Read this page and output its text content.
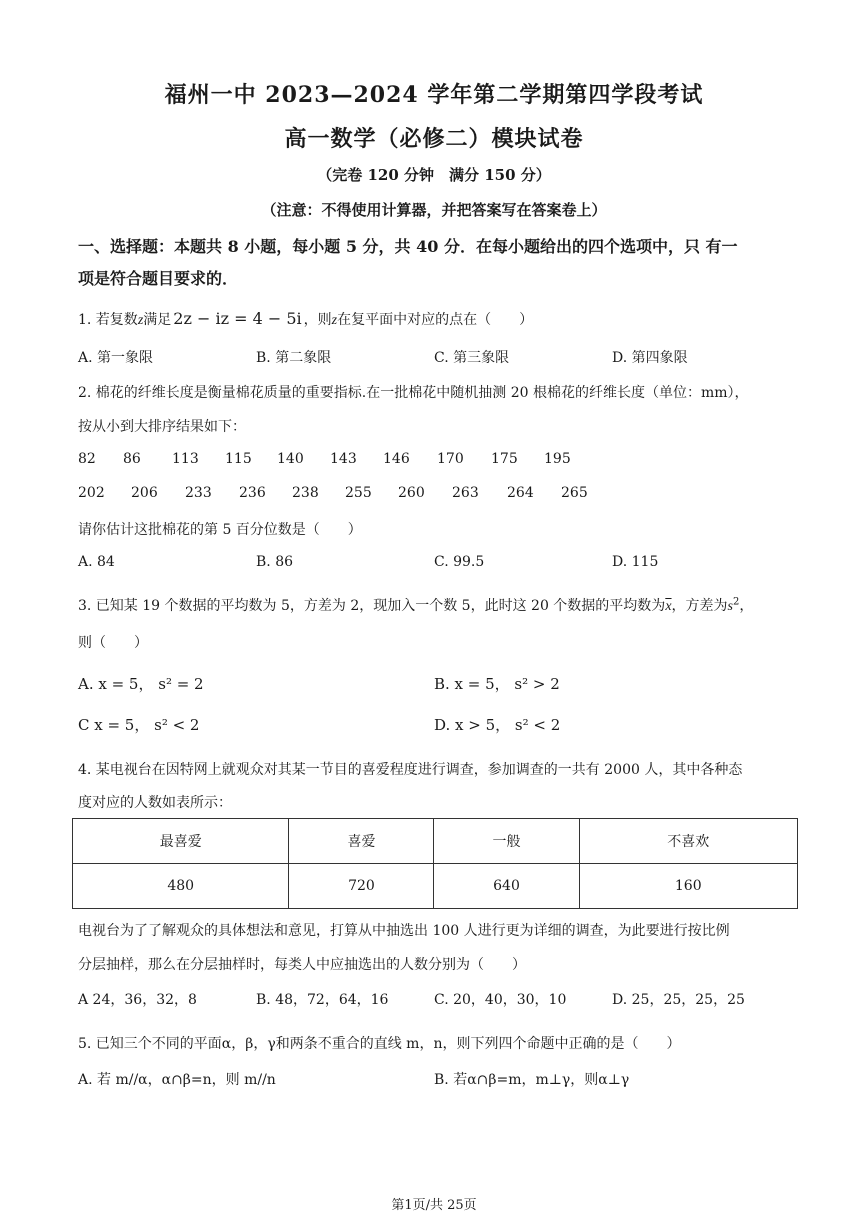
福州一中 2023—2024 学年第二学期第四学段考试
高一数学（必修二）模块试卷
（完卷 120 分钟　满分 150 分）
（注意：不得使用计算器，并把答案写在答案卷上）
一、选择题：本题共 8 小题，每小题 5 分，共 40 分．在每小题给出的四个选项中，只 有一
项是符合题目要求的．
1. 若复数z满足 2z − iz = 4 − 5i ，则z在复平面中对应的点在（　　）
A. 第一象限	B. 第二象限	C. 第三象限	D. 第四象限
2. 棉花的纤维长度是衡量棉花质量的重要指标.在一批棉花中随机抽测 20 根棉花的纤维长度（单位：mm），
按从小到大排序结果如下：
82 86 113 115 140 143 146 170 175 195
202 206 233 236 238 255 260 263 264 265
请你估计这批棉花的第 5 百分位数是（　　）
A. 84	B. 86	C. 99.5	D. 115
3. 已知某 19 个数据的平均数为 5，方差为 2，现加入一个数 5，此时这 20 个数据的平均数为$\overline{x}$，方差为$s^2$，
则（　　）
A. x = 5， s² = 2	B. x = 5， s² > 2
C x = 5， s² < 2	D. x > 5， s² < 2
4. 某电视台在因特网上就观众对其某一节目的喜爱程度进行调查，参加调查的一共有 2000 人，其中各种态
度对应的人数如表所示：
最喜爱	喜爱	一般	不喜欢
480	720	640	160
电视台为了了解观众的具体想法和意见，打算从中抽选出 100 人进行更为详细的调查，为此要进行按比例
分层抽样，那么在分层抽样时，每类人中应抽选出的人数分别为（　　）
A 24，36，32，8	B. 48，72，64，16	C. 20，40，30，10	D. 25，25，25，25
5. 已知三个不同的平面α，β，γ和两条不重合的直线 m，n，则下列四个命题中正确的是（　　）
A. 若 m//α，α∩β=n，则 m//n	B. 若α∩β=m，m⊥γ，则α⊥γ
第1页/共 25页
